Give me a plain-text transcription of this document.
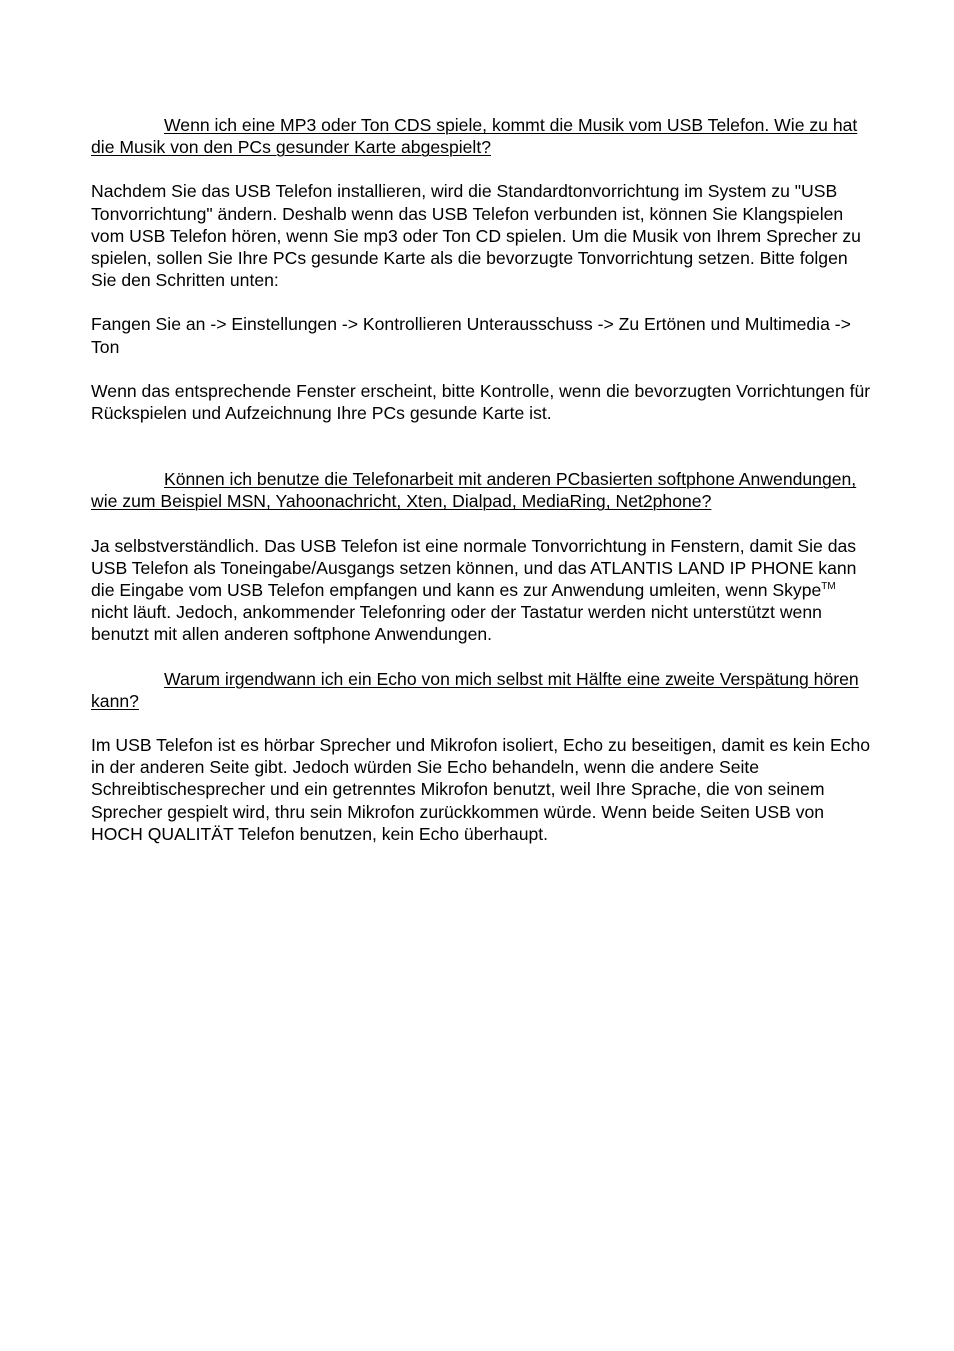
Wenn ich eine MP3 oder Ton CDS spiele, kommt die Musik vom USB Telefon. Wie zu hat die Musik von den PCs gesunder Karte abgespielt?

Nachdem Sie das USB Telefon installieren, wird die Standardtonvorrichtung im System zu "USB Tonvorrichtung" ändern. Deshalb wenn das USB Telefon verbunden ist, können Sie Klangspielen vom USB Telefon hören, wenn Sie mp3 oder Ton CD spielen. Um die Musik von Ihrem Sprecher zu spielen, sollen Sie Ihre PCs gesunde Karte als die bevorzugte Tonvorrichtung setzen. Bitte folgen Sie den Schritten unten:

Fangen Sie an -> Einstellungen -> Kontrollieren Unterausschuss -> Zu Ertönen und Multimedia -> Ton

Wenn das entsprechende Fenster erscheint, bitte Kontrolle, wenn die bevorzugten Vorrichtungen für Rückspielen und Aufzeichnung Ihre PCs gesunde Karte ist.

Können ich benutze die Telefonarbeit mit anderen PCbasierten softphone Anwendungen, wie zum Beispiel MSN, Yahoonachricht, Xten, Dialpad, MediaRing, Net2phone?

Ja selbstverständlich. Das USB Telefon ist eine normale Tonvorrichtung in Fenstern, damit Sie das USB Telefon als Toneingabe/Ausgangs setzen können, und das ATLANTIS LAND IP PHONE kann die Eingabe vom USB Telefon empfangen und kann es zur Anwendung umleiten, wenn Skype™ nicht läuft. Jedoch, ankommender Telefonring oder der Tastatur werden nicht unterstützt wenn benutzt mit allen anderen softphone Anwendungen.

Warum irgendwann ich ein Echo von mich selbst mit Hälfte eine zweite Verspätung hören kann?

Im USB Telefon ist es hörbar Sprecher und Mikrofon isoliert, Echo zu beseitigen, damit es kein Echo in der anderen Seite gibt. Jedoch würden Sie Echo behandeln, wenn die andere Seite Schreibtischesprecher und ein getrenntes Mikrofon benutzt, weil Ihre Sprache, die von seinem Sprecher gespielt wird, thru sein Mikrofon zurückkommen würde. Wenn beide Seiten USB von HOCH QUALITÄT Telefon benutzen, kein Echo überhaupt.
